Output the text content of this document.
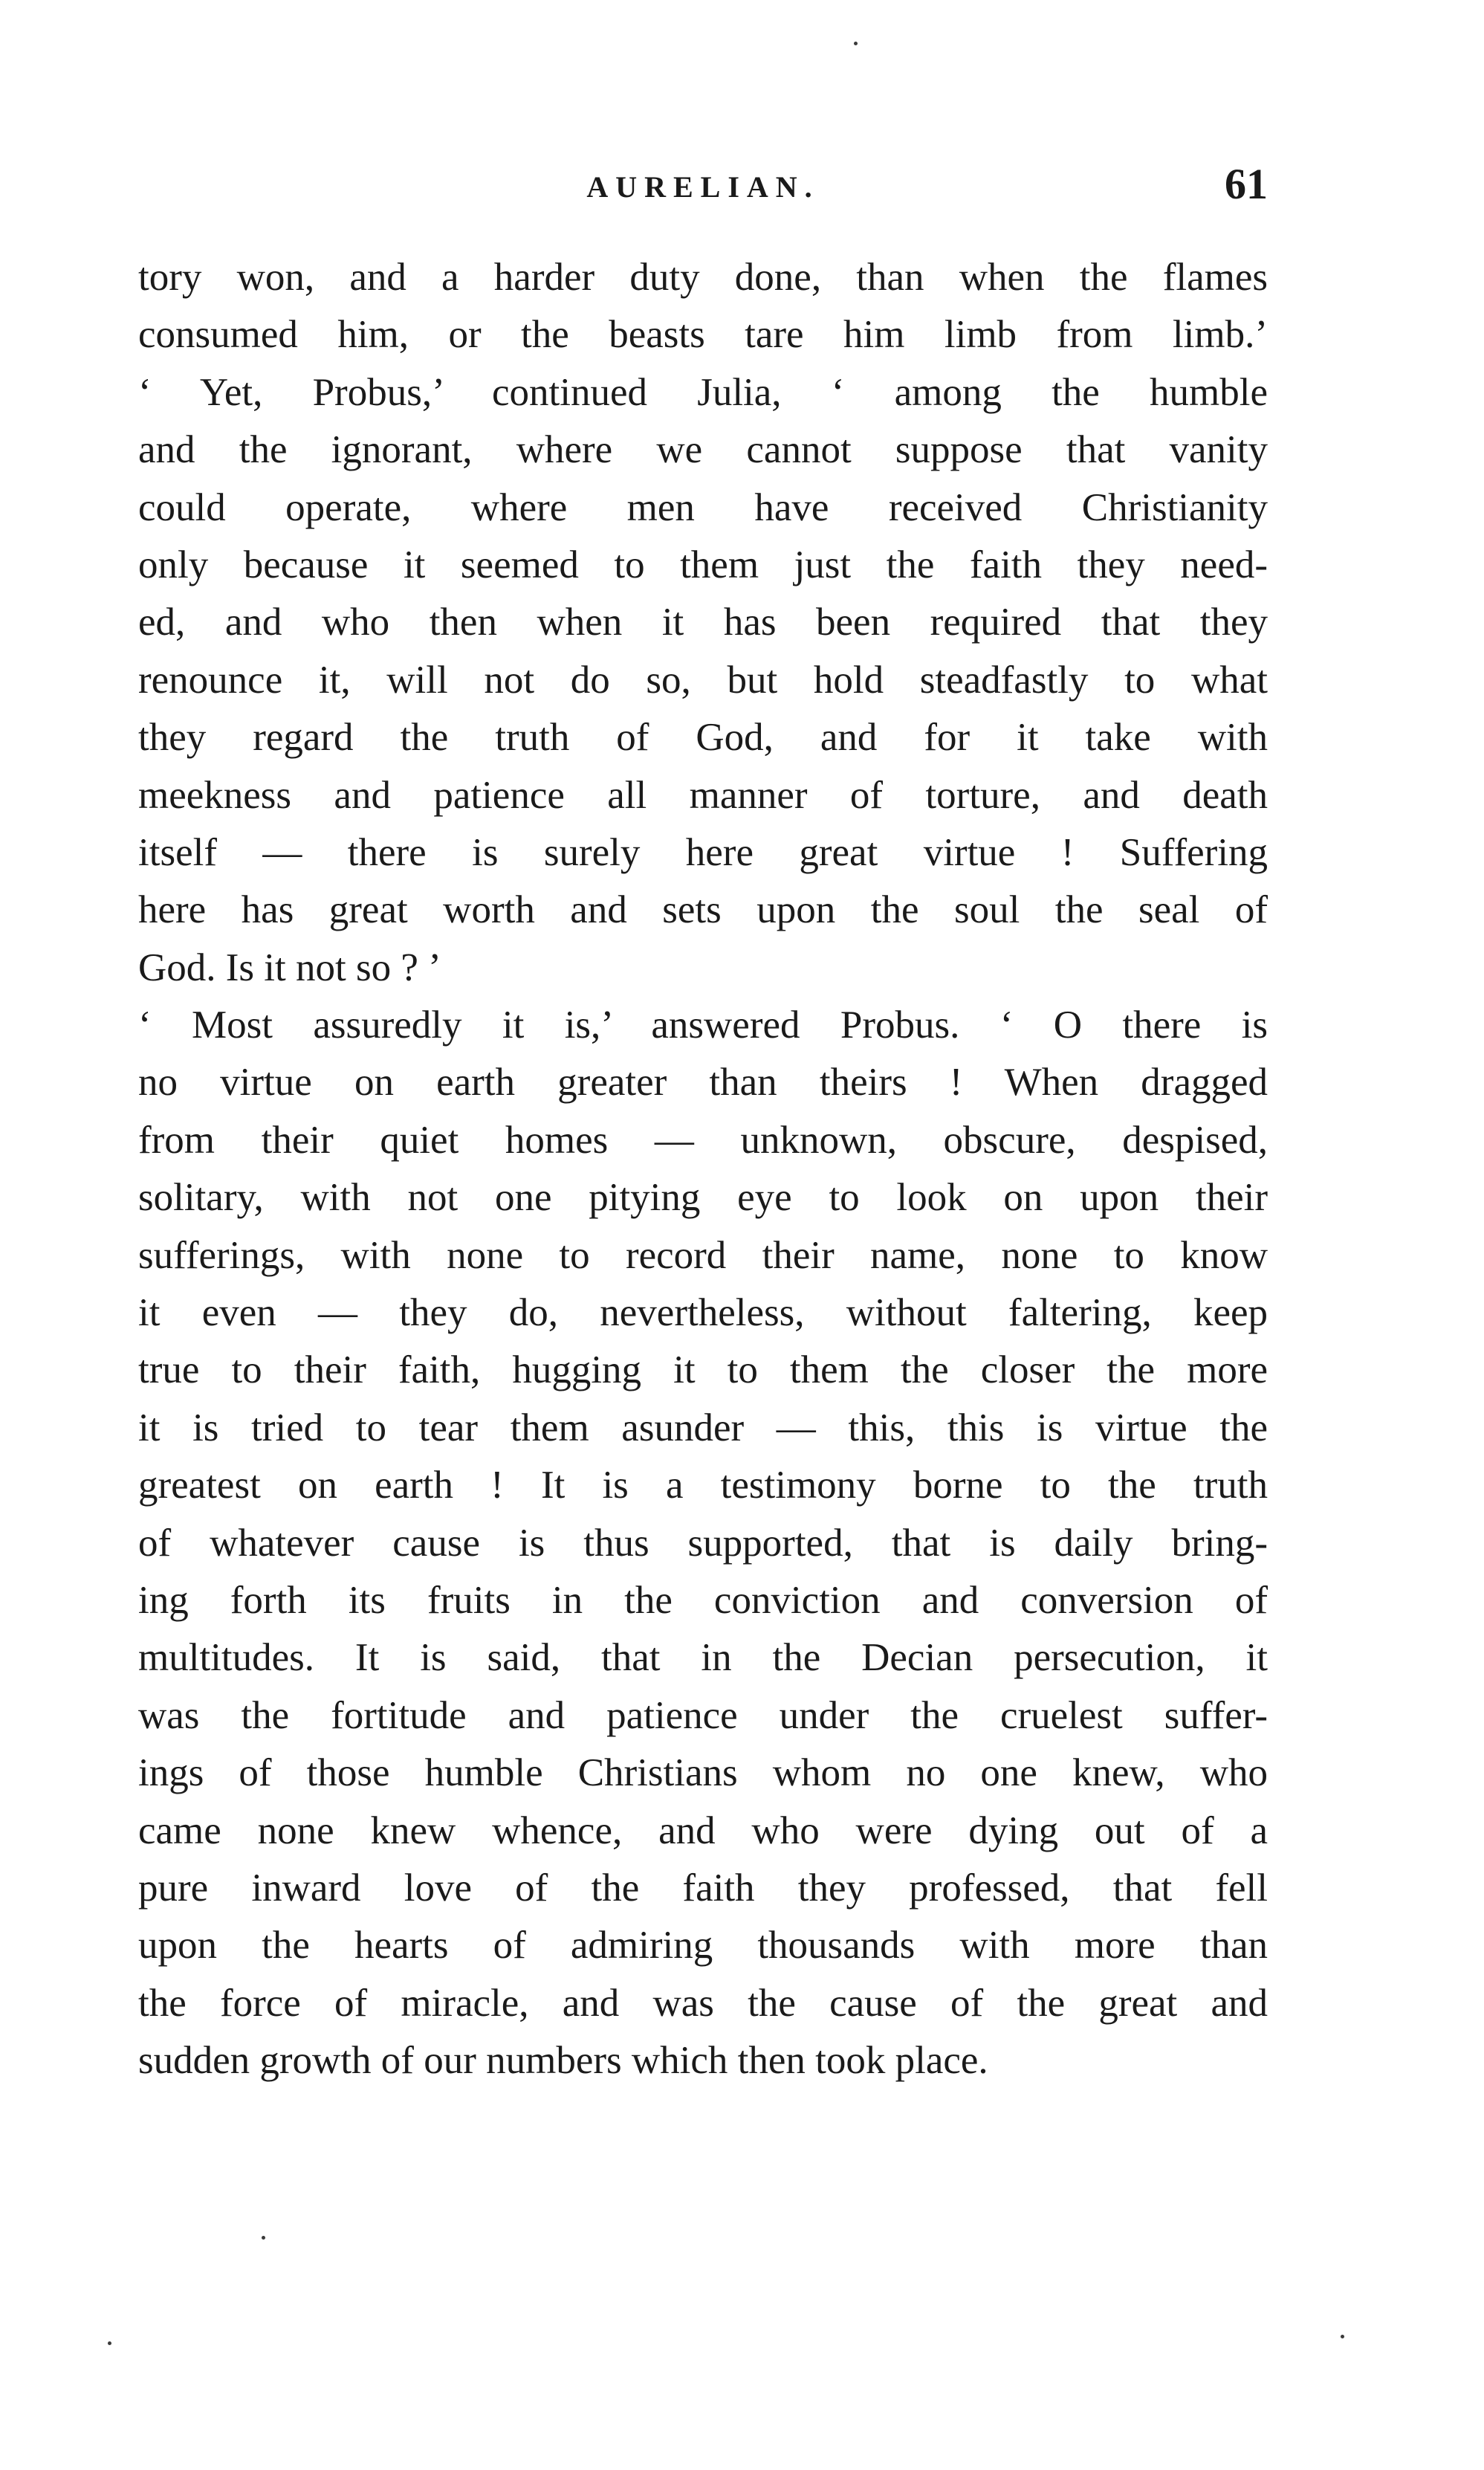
AURELIAN.	61
tory won, and a harder duty done, than when the flames
consumed him, or the beasts tare him limb from limb.’
‘ Yet, Probus,’ continued Julia, ‘ among the humble
and the ignorant, where we cannot suppose that vanity
could operate, where men have received Christianity
only because it seemed to them just the faith they need-
ed, and who then when it has been required that they
renounce it, will not do so, but hold steadfastly to what
they regard the truth of God, and for it take with
meekness and patience all manner of torture, and death
itself — there is surely here great virtue ! Suffering
here has great worth and sets upon the soul the seal of
God. Is it not so ? ’
‘ Most assuredly it is,’ answered Probus. ‘ O there is
no virtue on earth greater than theirs ! When dragged
from their quiet homes — unknown, obscure, despised,
solitary, with not one pitying eye to look on upon their
sufferings, with none to record their name, none to know
it even — they do, nevertheless, without faltering, keep
true to their faith, hugging it to them the closer the more
it is tried to tear them asunder — this, this is virtue the
greatest on earth ! It is a testimony borne to the truth
of whatever cause is thus supported, that is daily bring-
ing forth its fruits in the conviction and conversion of
multitudes. It is said, that in the Decian persecution, it
was the fortitude and patience under the cruelest suffer-
ings of those humble Christians whom no one knew, who
came none knew whence, and who were dying out of a
pure inward love of the faith they professed, that fell
upon the hearts of admiring thousands with more than
the force of miracle, and was the cause of the great and
sudden growth of our numbers which then took place.
